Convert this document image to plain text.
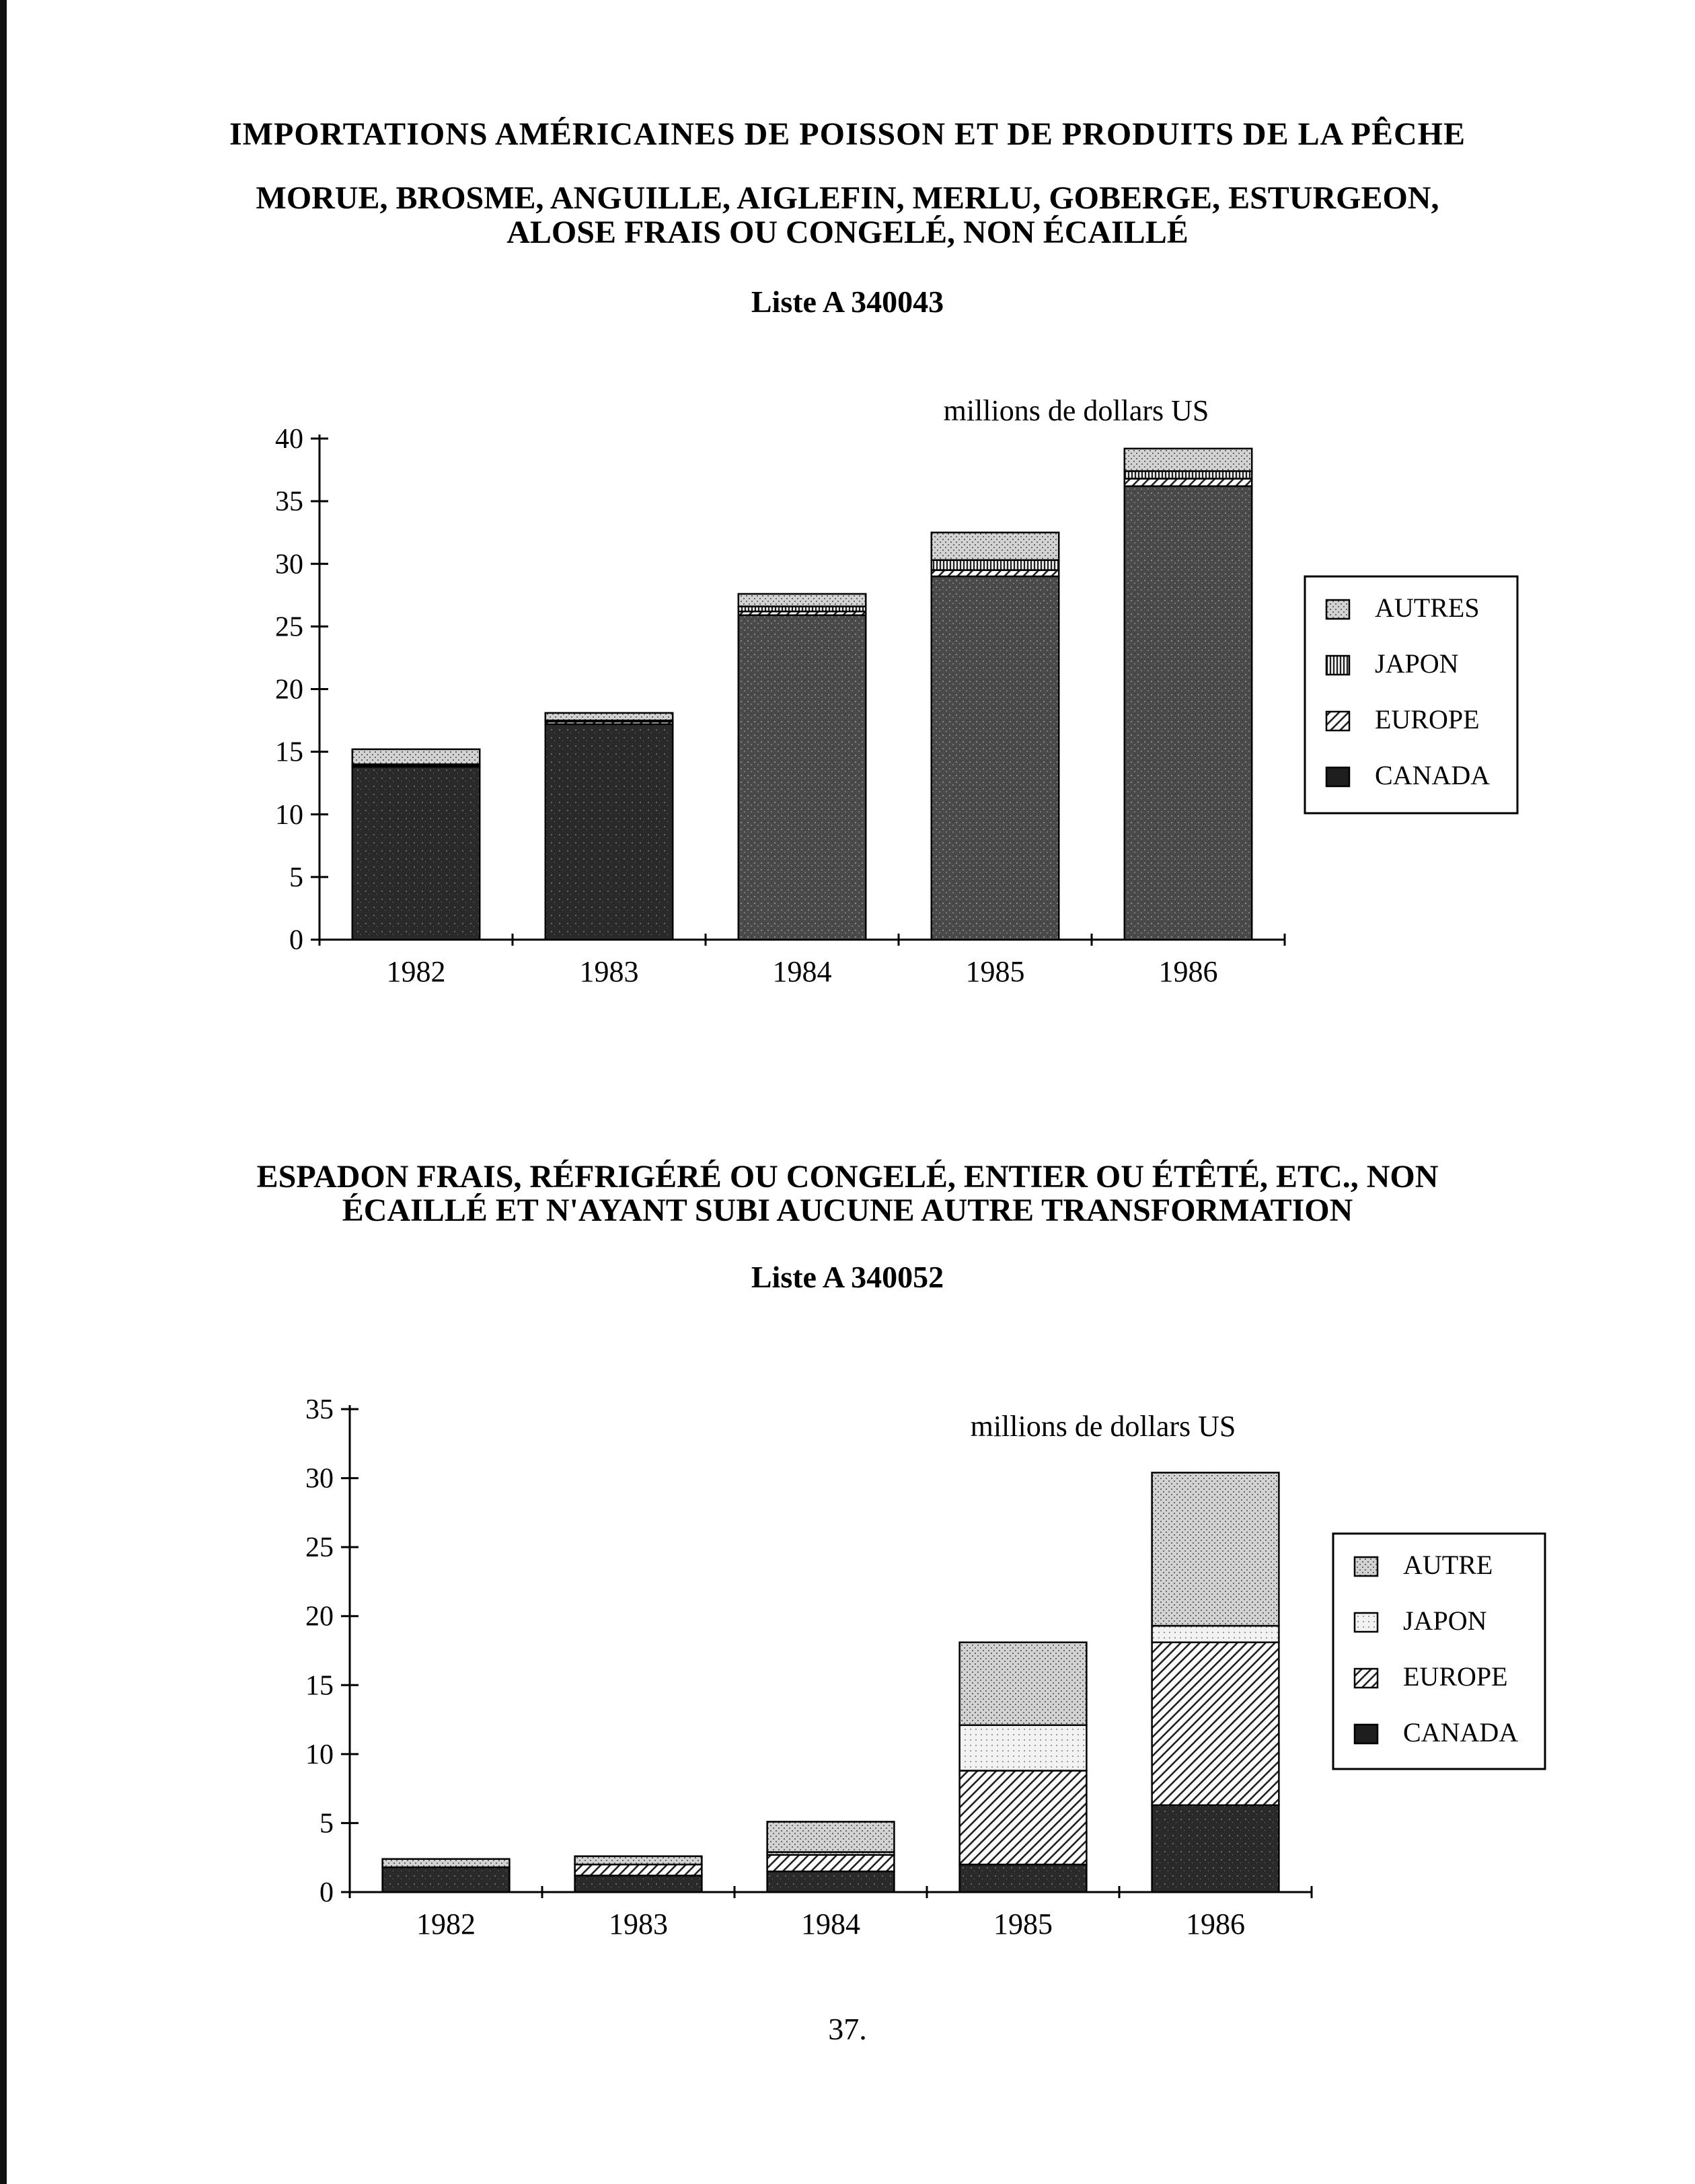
IMPORTATIONS AMÉRICAINES DE POISSON ET DE PRODUITS DE LA PÊCHE
MORUE, BROSME, ANGUILLE, AIGLEFIN, MERLU, GOBERGE, ESTURGEON,
ALOSE FRAIS OU CONGELÉ, NON ÉCAILLÉ
Liste A 340043
0
5
10
15
20
25
30
35
40
millions de dollars US
1982	1983	1984	1985	1986
AUTRES
JAPON
EUROPE
CANADA
ESPADON FRAIS, RÉFRIGÉRÉ OU CONGELÉ, ENTIER OU ÉTÊTÉ, ETC., NON
ÉCAILLÉ ET N'AYANT SUBI AUCUNE AUTRE TRANSFORMATION
Liste A 340052
0
5
10
15
20
25
30
35	millions de dollars US
1982	1983	1984	1985	1986
AUTRE
JAPON
EUROPE
CANADA
37.
